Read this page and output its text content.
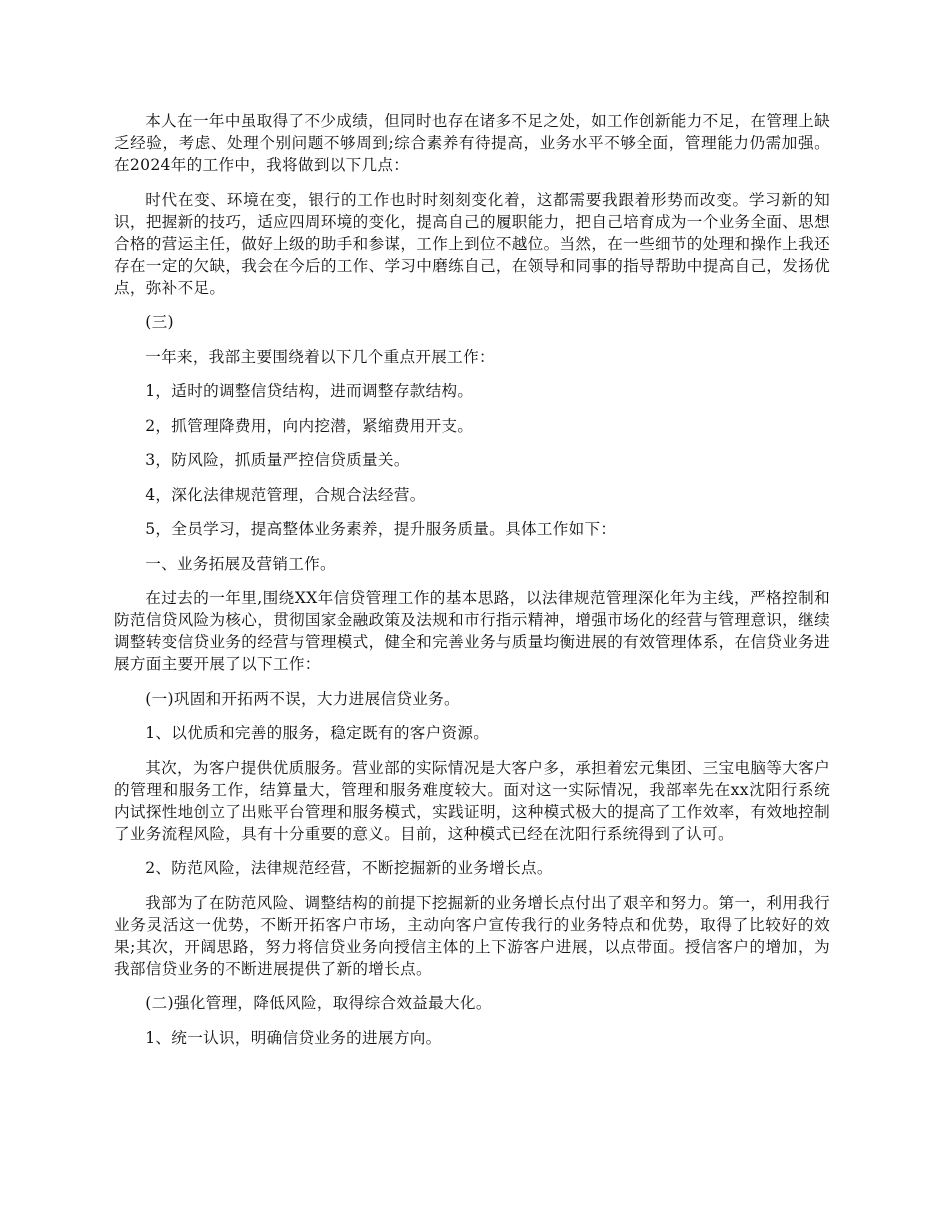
本人在一年中虽取得了不少成绩，但同时也存在诸多不足之处，如工作创新能力不足，在管理上缺乏经验，考虑、处理个别问题不够周到;综合素养有待提高，业务水平不够全面，管理能力仍需加强。在2024年的工作中，我将做到以下几点：

时代在变、环境在变，银行的工作也时时刻刻变化着，这都需要我跟着形势而改变。学习新的知识，把握新的技巧，适应四周环境的变化，提高自己的履职能力，把自己培育成为一个业务全面、思想合格的营运主任，做好上级的助手和参谋，工作上到位不越位。当然，在一些细节的处理和操作上我还存在一定的欠缺，我会在今后的工作、学习中磨练自己，在领导和同事的指导帮助中提高自己，发扬优点，弥补不足。

(三)

一年来，我部主要围绕着以下几个重点开展工作：

1，适时的调整信贷结构，进而调整存款结构。

2，抓管理降费用，向内挖潜，紧缩费用开支。

3，防风险，抓质量严控信贷质量关。

4，深化法律规范管理，合规合法经营。

5，全员学习，提高整体业务素养，提升服务质量。具体工作如下：

一、业务拓展及营销工作。

在过去的一年里,围绕XX年信贷管理工作的基本思路，以法律规范管理深化年为主线，严格控制和防范信贷风险为核心，贯彻国家金融政策及法规和市行指示精神，增强市场化的经营与管理意识，继续调整转变信贷业务的经营与管理模式，健全和完善业务与质量均衡进展的有效管理体系，在信贷业务进展方面主要开展了以下工作：

(一)巩固和开拓两不误，大力进展信贷业务。

1、以优质和完善的服务，稳定既有的客户资源。

其次，为客户提供优质服务。营业部的实际情况是大客户多，承担着宏元集团、三宝电脑等大客户的管理和服务工作，结算量大，管理和服务难度较大。面对这一实际情况，我部率先在xx沈阳行系统内试探性地创立了出账平台管理和服务模式，实践证明，这种模式极大的提高了工作效率，有效地控制了业务流程风险，具有十分重要的意义。目前，这种模式已经在沈阳行系统得到了认可。

2、防范风险，法律规范经营，不断挖掘新的业务增长点。

我部为了在防范风险、调整结构的前提下挖掘新的业务增长点付出了艰辛和努力。第一，利用我行业务灵活这一优势，不断开拓客户市场，主动向客户宣传我行的业务特点和优势，取得了比较好的效果;其次，开阔思路，努力将信贷业务向授信主体的上下游客户进展，以点带面。授信客户的增加，为我部信贷业务的不断进展提供了新的增长点。

(二)强化管理，降低风险，取得综合效益最大化。

1、统一认识，明确信贷业务的进展方向。
